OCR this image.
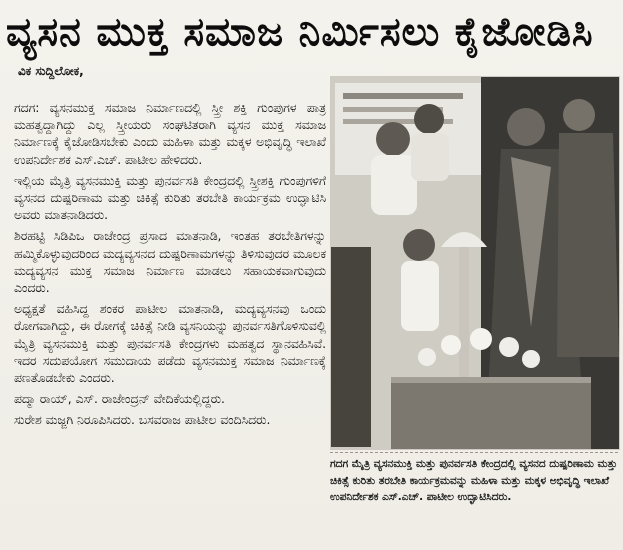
ವ್ಯಸನ ಮುಕ್ತ ಸಮಾಜ ನಿರ್ಮಿಸಲು ಕೈಜೋಡಿಸಿ
ವಿಕ ಸುದ್ದಿಲೋಕ,

ಗದಗ: ವ್ಯಸನಮುಕ್ತ ಸಮಾಜ ನಿರ್ಮಾಣದಲ್ಲಿ ಸ್ತ್ರೀ ಶಕ್ತಿ ಗುಂಪುಗಳ ಪಾತ್ರ ಮಹತ್ವದ್ದಾಗಿದ್ದು ಎಲ್ಲ ಸ್ತ್ರೀಯರು ಸಂಘಟಿತರಾಗಿ ವ್ಯಸನ ಮುಕ್ತ ಸಮಾಜ ನಿರ್ಮಾಣಕ್ಕೆ ಕೈಜೋಡಿಸಬೇಕು ಎಂದು ಮಹಿಳಾ ಮತ್ತು ಮಕ್ಕಳ ಅಭಿವೃದ್ಧಿ ಇಲಾಖೆ ಉಪನಿರ್ದೇಶಕ ಎಸ್.ಎಚ್. ಪಾಟೀಲ ಹೇಳಿದರು.

ಇಲ್ಲಿಯ ಮೈತ್ರಿ ವ್ಯಸನಮುಕ್ತಿ ಮತ್ತು ಪುನರ್ವಸತಿ ಕೇಂದ್ರದಲ್ಲಿ ಸ್ತ್ರೀಶಕ್ತಿ ಗುಂಪುಗಳಿಗೆ ವ್ಯಸನದ ದುಷ್ಪರಿಣಾಮ ಮತ್ತು ಚಿಕಿತ್ಸೆ ಕುರಿತು ತರಬೇತಿ ಕಾರ್ಯಕ್ರಮ ಉದ್ಘಾಟಿಸಿ ಅವರು ಮಾತನಾಡಿದರು.

ಶಿರಹಟ್ಟಿ ಸಿಡಿಪಿಒ ರಾಜೇಂದ್ರ ಪ್ರಸಾದ ಮಾತನಾಡಿ, ಇಂತಹ ತರಬೇತಿಗಳನ್ನು ಹಮ್ಮಿಕೊಳ್ಳುವುದರಿಂದ ಮದ್ಯವ್ಯಸನದ ದುಷ್ಪರಿಣಾಮಗಳನ್ನು ತಿಳಿಸುವುದರ ಮೂಲಕ ಮದ್ಯವ್ಯಸನ ಮುಕ್ತ ಸಮಾಜ ನಿರ್ಮಾಣ ಮಾಡಲು ಸಹಾಯಕವಾಗುವುದು ಎಂದರು.

ಅಧ್ಯಕ್ಷತೆ ವಹಿಸಿದ್ದ ಶಂಕರ ಪಾಟೀಲ ಮಾತನಾಡಿ, ಮದ್ಯವ್ಯಸನವು ಒಂದು ರೋಗವಾಗಿದ್ದು, ಈ ರೋಗಕ್ಕೆ ಚಿಕಿತ್ಸೆ ನೀಡಿ ವ್ಯಸನಿಯನ್ನು ಪುನರ್ವಸತಿಗೊಳಿಸುವಲ್ಲಿ ಮೈತ್ರಿ ವ್ಯಸನಮುಕ್ತಿ ಮತ್ತು ಪುನರ್ವಸತಿ ಕೇಂದ್ರಗಳು ಮಹತ್ವದ ಸ್ಥಾನವಹಿಸಿವೆ. ಇದರ ಸದುಪಯೋಗ ಸಮುದಾಯ ಪಡೆದು ವ್ಯಸನಮುಕ್ತ ಸಮಾಜ ನಿರ್ಮಾಣಕ್ಕೆ ಪಣತೊಡಬೇಕು ಎಂದರು.

ಪದ್ಮಾ ರಾಯ್, ಎಸ್. ರಾಜೇಂದ್ರನ್ ವೇದಿಕೆಯಲ್ಲಿದ್ದರು.

ಸುರೇಶ ಮಜ್ಜಗಿ ನಿರೂಪಿಸಿದರು. ಬಸವರಾಜ ಪಾಟೀಲ ವಂದಿಸಿದರು.

ಗದಗ ಮೈತ್ರಿ ವ್ಯಸನಮುಕ್ತಿ ಮತ್ತು ಪುನರ್ವಸತಿ ಕೇಂದ್ರದಲ್ಲಿ ವ್ಯಸನದ ದುಷ್ಪರಿಣಾಮ ಮತ್ತು ಚಿಕಿತ್ಸೆ ಕುರಿತು ತರಬೇತಿ ಕಾರ್ಯಕ್ರಮವನ್ನು ಮಹಿಳಾ ಮತ್ತು ಮಕ್ಕಳ ಅಭಿವೃದ್ಧಿ ಇಲಾಖೆ ಉಪನಿರ್ದೇಶಕ ಎಸ್.ಎಚ್. ಪಾಟೀಲ ಉದ್ಘಾಟಿಸಿದರು.
